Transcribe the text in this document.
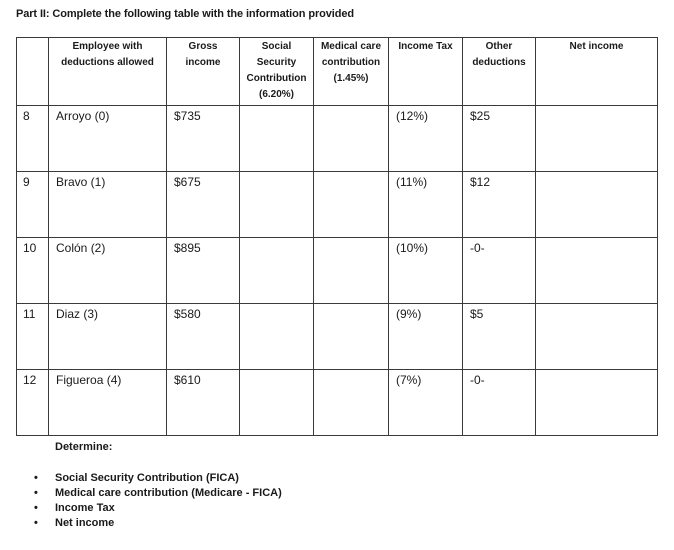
Part II: Complete the following table with the information provided

	Employee with deductions allowed	Gross income	Social Security Contribution (6.20%)	Medical care contribution (1.45%)	Income Tax	Other deductions	Net income

8	Arroyo (0)	$735			(12%)	$25	
9	Bravo (1)	$675			(11%)	$12	
10	Colón (2)	$895			(10%)	-0-	
11	Diaz (3)	$580			(9%)	$5	
12	Figueroa (4)	$610			(7%)	-0-	
Determine:
• Social Security Contribution (FICA)
• Medical care contribution (Medicare - FICA)
• Income Tax
• Net income
